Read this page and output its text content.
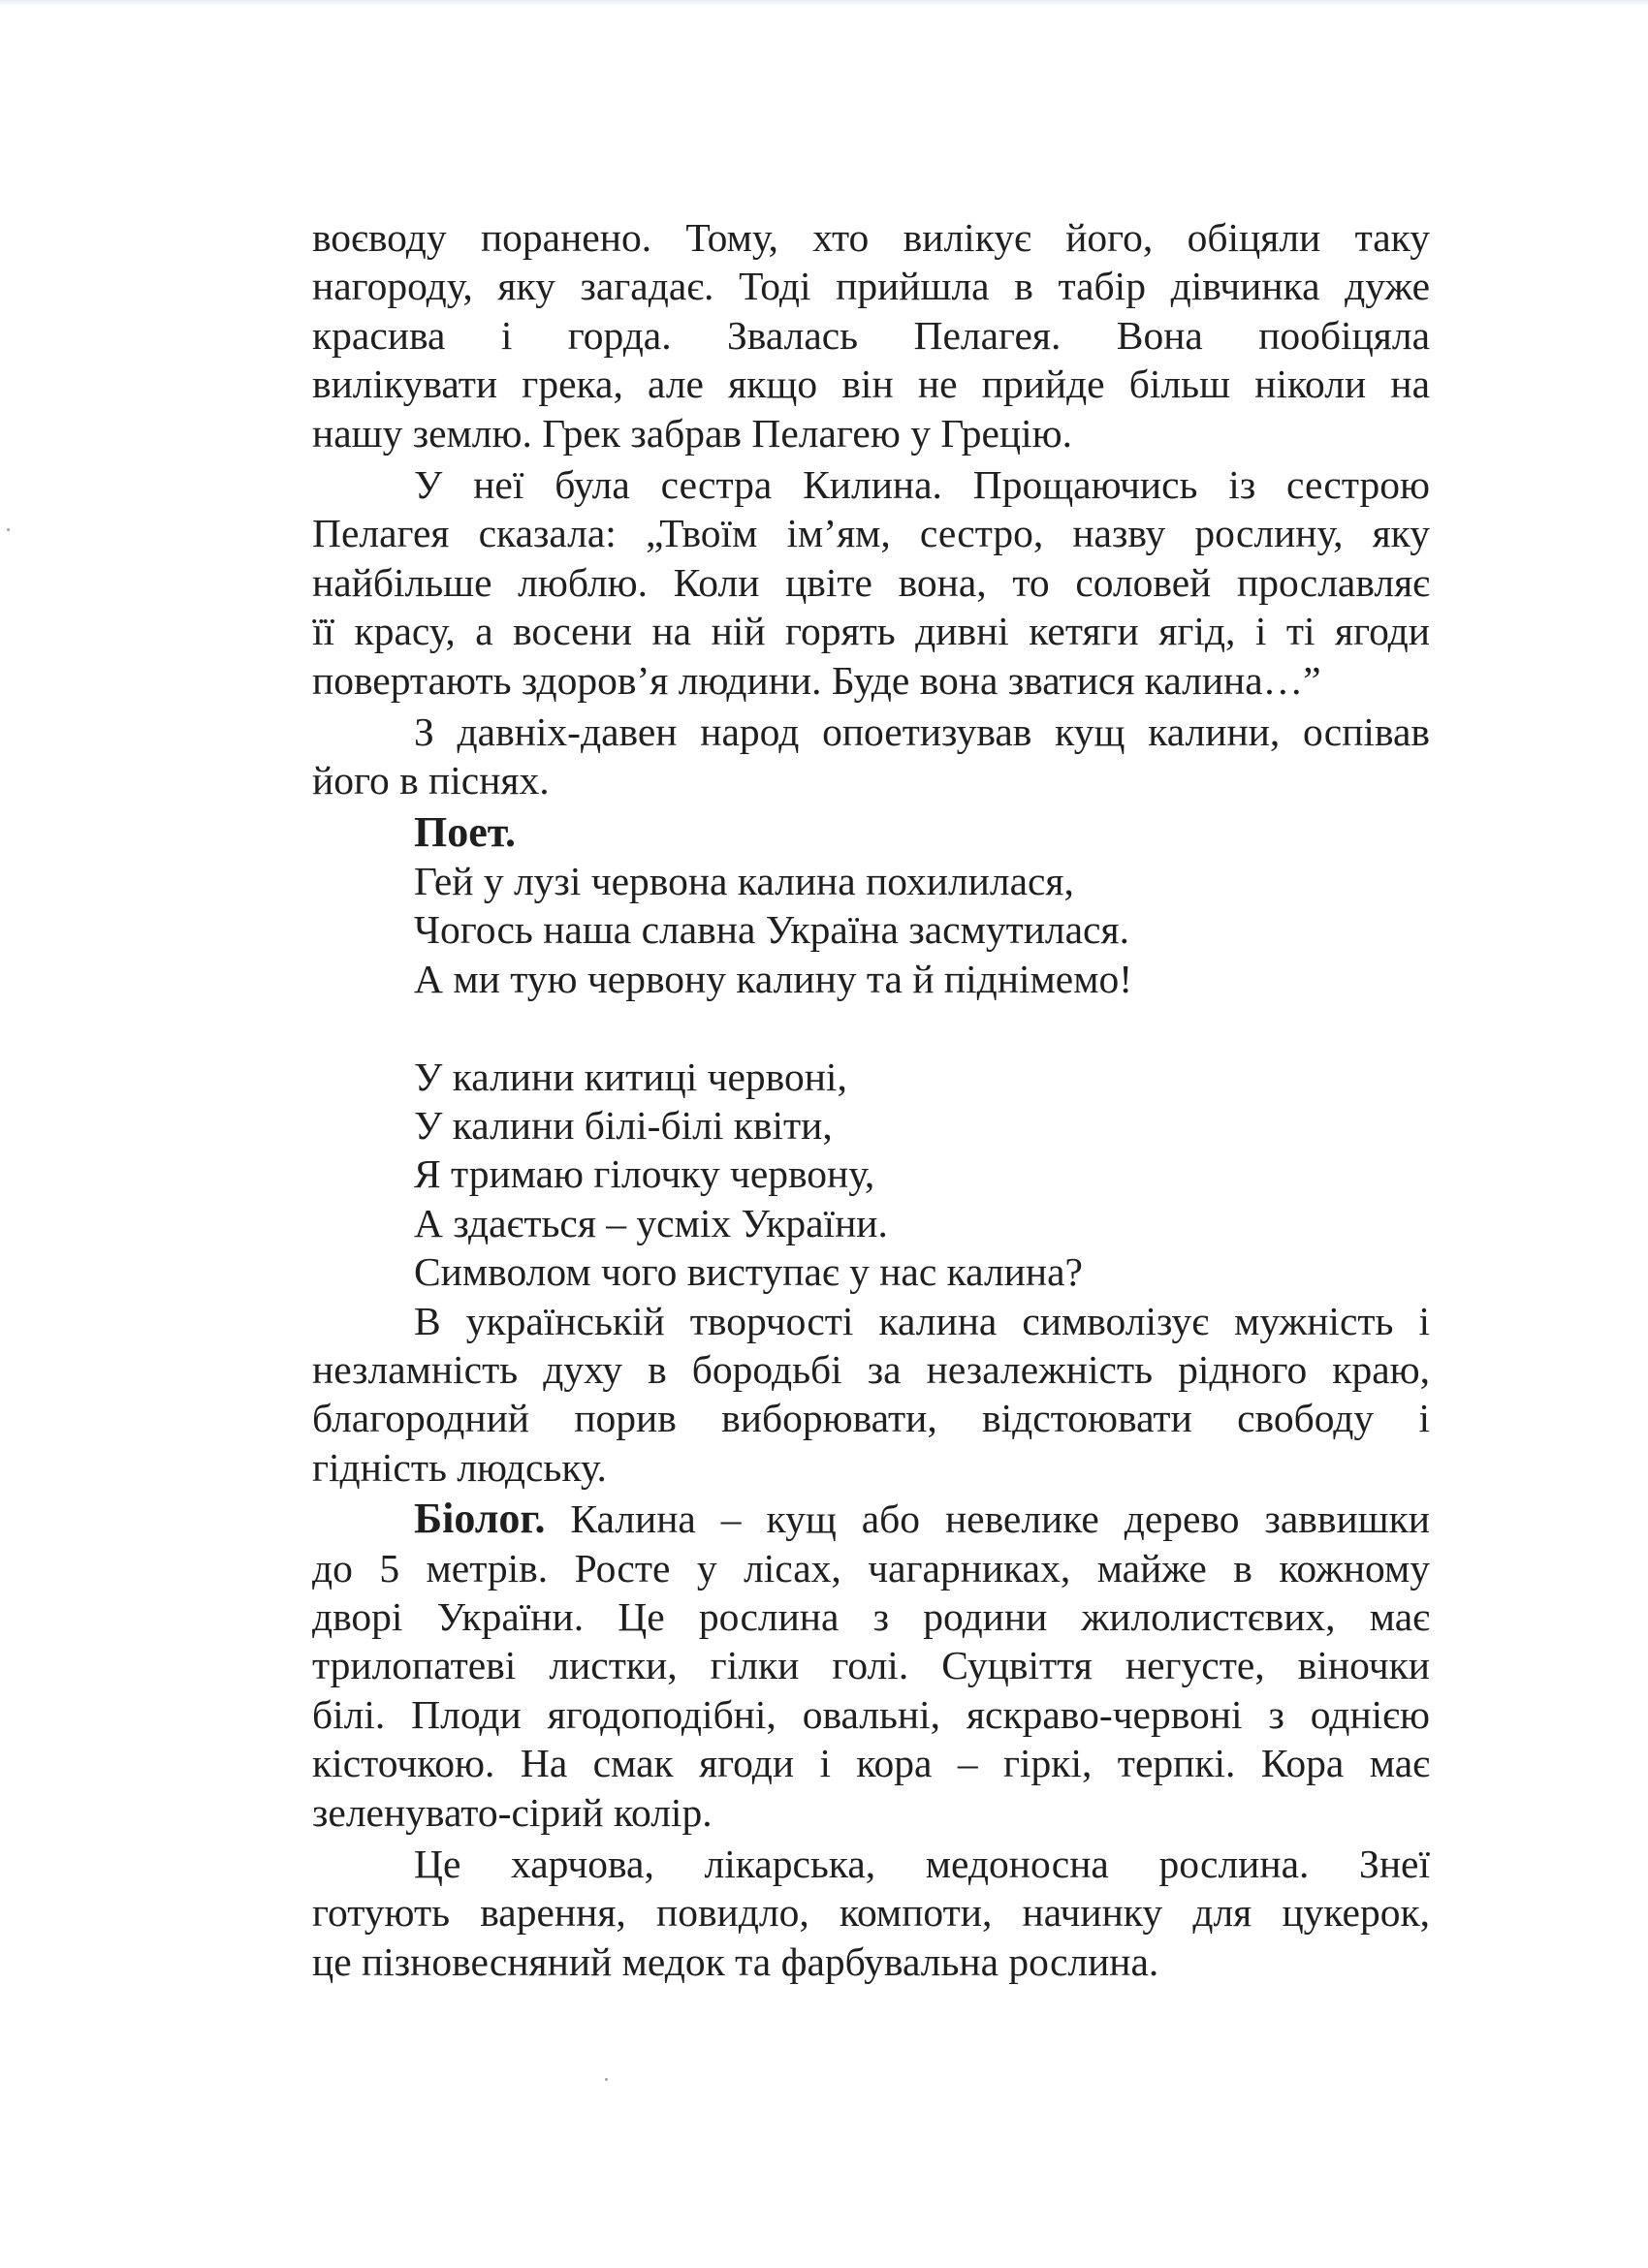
воєводу поранено. Тому, хто вилікує його, обіцяли таку
нагороду, яку загадає. Тоді прийшла в табір дівчинка дуже
красива і горда. Звалась Пелагея. Вона пообіцяла
вилікувати грека, але якщо він не прийде більш ніколи на
нашу землю. Грек забрав Пелагею у Грецію.
У неї була сестра Килина. Прощаючись із сестрою
Пелагея сказала: „Твоїм ім’ям, сестро, назву рослину, яку
найбільше люблю. Коли цвіте вона, то соловей прославляє
її красу, а восени на ній горять дивні кетяги ягід, і ті ягоди
повертають здоров’я людини. Буде вона зватися калина…”
З давніх-давен народ опоетизував кущ калини, оспівав
його в піснях.
Поет.
Гей у лузі червона калина похилилася,
Чогось наша славна Україна засмутилася.
А ми тую червону калину та й піднімемо!
У калини китиці червоні,
У калини білі-білі квіти,
Я тримаю гілочку червону,
А здається – усміх України.
Символом чого виступає у нас калина?
В українській творчості калина символізує мужність і
незламність духу в бородьбі за незалежність рідного краю,
благородний порив виборювати, відстоювати свободу і
гідність людську.
Біолог. Калина – кущ або невелике дерево заввишки
до 5 метрів. Росте у лісах, чагарниках, майже в кожному
дворі України. Це рослина з родини жилолистєвих, має
трилопатеві листки, гілки голі. Суцвіття негусте, віночки
білі. Плоди ягодоподібні, овальні, яскраво-червоні з однією
кісточкою. На смак ягоди і кора – гіркі, терпкі. Кора має
зеленувато-сірий колір.
Це харчова, лікарська, медоносна рослина. Знеї
готують варення, повидло, компоти, начинку для цукерок,
це пізновесняний медок та фарбувальна рослина.
